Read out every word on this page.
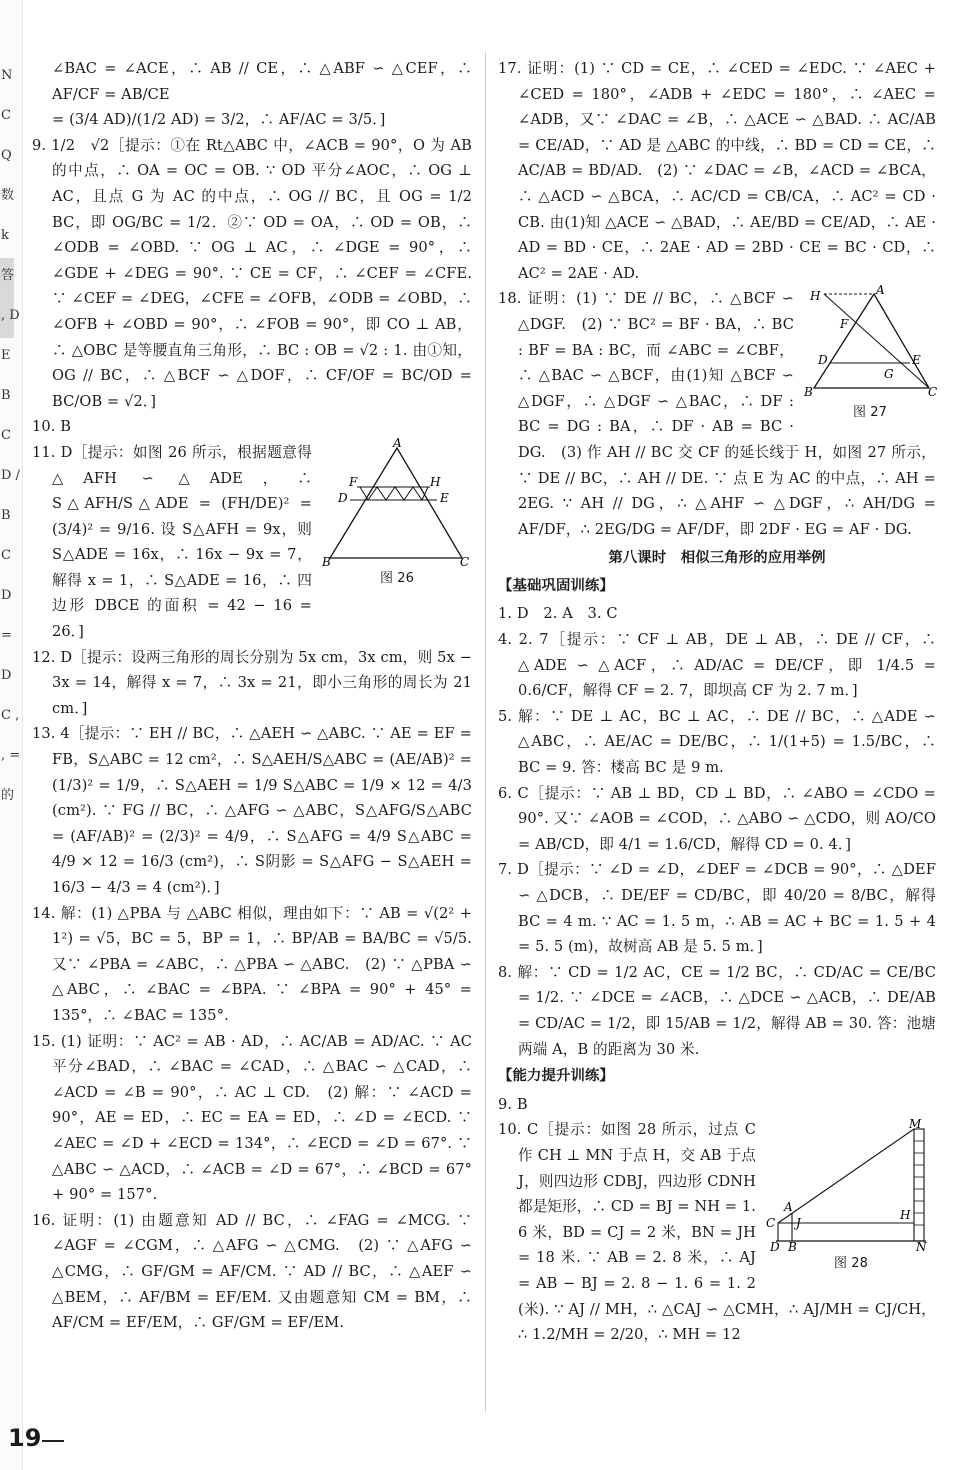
N C Q 数 k 答 , D E B C D / B C D = D C , , = 的

∠BAC = ∠ACE，∴ AB // CE，∴ △ABF ∽ △CEF，∴ AF/CF = AB/CE

= (3/4 AD)/(1/2 AD) = 3/2，∴ AF/AC = 3/5．]

9. 1/2　√2［提示：①在 Rt△ABC 中，∠ACB = 90°，O 为 AB 的中点，∴ OA = OC = OB. ∵ OD 平分∠AOC，∴ OG ⊥ AC，且点 G 为 AC 的中点，∴ OG // BC，且 OG = 1/2 BC，即 OG/BC = 1/2．②∵ OD = OA，∴ OD = OB，∴ ∠ODB = ∠OBD. ∵ OG ⊥ AC，∴ ∠DGE = 90°，∴ ∠GDE + ∠DEG = 90°. ∵ CE = CF，∴ ∠CEF = ∠CFE. ∵ ∠CEF = ∠DEG，∠CFE = ∠OFB，∠ODB = ∠OBD，∴ ∠OFB + ∠OBD = 90°，∴ ∠FOB = 90°，即 CO ⊥ AB，∴ △OBC 是等腰直角三角形，∴ BC : OB = √2 : 1. 由①知，OG // BC，∴ △BCF ∽ △DOF，∴ CF/OF = BC/OD = BC/OB = √2．]

10. B

A
F	H
D	E
B	C
图 26

11. D［提示：如图 26 所示，根据题意得 △AFH ∽ △ADE，∴ S△AFH/S△ADE = (FH/DE)² = (3/4)² = 9/16. 设 S△AFH = 9x，则 S△ADE = 16x，∴ 16x − 9x = 7，解得 x = 1，∴ S△ADE = 16，∴ 四边形 DBCE 的面积 = 42 − 16 = 26．]

12. D［提示：设两三角形的周长分别为 5x cm，3x cm，则 5x − 3x = 14，解得 x = 7，∴ 3x = 21，即小三角形的周长为 21 cm．]

13. 4［提示：∵ EH // BC，∴ △AEH ∽ △ABC. ∵ AE = EF = FB，S△ABC = 12 cm²，∴ S△AEH/S△ABC = (AE/AB)² = (1/3)² = 1/9，∴ S△AEH = 1/9 S△ABC = 1/9 × 12 = 4/3 (cm²). ∵ FG // BC，∴ △AFG ∽ △ABC，S△AFG/S△ABC = (AF/AB)² = (2/3)² = 4/9，∴ S△AFG = 4/9 S△ABC = 4/9 × 12 = 16/3 (cm²)，∴ S阴影 = S△AFG − S△AEH = 16/3 − 4/3 = 4 (cm²)．]

14. 解：(1) △PBA 与 △ABC 相似，理由如下：∵ AB = √(2² + 1²) = √5，BC = 5，BP = 1，∴ BP/AB = BA/BC = √5/5. 又∵ ∠PBA = ∠ABC，∴ △PBA ∽ △ABC.　(2) ∵ △PBA ∽ △ABC，∴ ∠BAC = ∠BPA. ∵ ∠BPA = 90° + 45° = 135°，∴ ∠BAC = 135°.

15. (1) 证明：∵ AC² = AB · AD，∴ AC/AB = AD/AC. ∵ AC 平分∠BAD，∴ ∠BAC = ∠CAD，∴ △BAC ∽ △CAD，∴ ∠ACD = ∠B = 90°，∴ AC ⊥ CD.　(2) 解：∵ ∠ACD = 90°，AE = ED，∴ EC = EA = ED，∴ ∠D = ∠ECD. ∵ ∠AEC = ∠D + ∠ECD = 134°，∴ ∠ECD = ∠D = 67°. ∵ △ABC ∽ △ACD，∴ ∠ACB = ∠D = 67°，∴ ∠BCD = 67° + 90° = 157°.

16. 证明：(1) 由题意知 AD // BC，∴ ∠FAG = ∠MCG. ∵ ∠AGF = ∠CGM，∴ △AFG ∽ △CMG.　(2) ∵ △AFG ∽ △CMG，∴ GF/GM = AF/CM. ∵ AD // BC，∴ △AEF ∽ △BEM，∴ AF/BM = EF/EM. 又由题意知 CM = BM，∴ AF/CM = EF/EM，∴ GF/GM = EF/EM.

17. 证明：(1) ∵ CD = CE，∴ ∠CED = ∠EDC. ∵ ∠AEC + ∠CED = 180°，∠ADB + ∠EDC = 180°，∴ ∠AEC = ∠ADB，又∵ ∠DAC = ∠B，∴ △ACE ∽ △BAD. ∴ AC/AB = CE/AD，∵ AD 是 △ABC 的中线，∴ BD = CD = CE，∴ AC/AB = BD/AD.　(2) ∵ ∠DAC = ∠B，∠ACD = ∠BCA，∴ △ACD ∽ △BCA，∴ AC/CD = CB/CA，∴ AC² = CD · CB. 由(1)知 △ACE ∽ △BAD，∴ AE/BD = CE/AD，∴ AE · AD = BD · CE，∴ 2AE · AD = 2BD · CE = BC · CD，∴ AC² = 2AE · AD.

H	A
F
D
G
E
B	C
图 27

18. 证明：(1) ∵ DE // BC，∴ △BCF ∽ △DGF.　(2) ∵ BC² = BF · BA，∴ BC : BF = BA : BC，而 ∠ABC = ∠CBF，∴ △BAC ∽ △BCF，由(1)知 △BCF ∽ △DGF，∴ △DGF ∽ △BAC，∴ DF : BC = DG : BA，∴ DF · AB = BC · DG.　(3) 作 AH // BC 交 CF 的延长线于 H，如图 27 所示，∵ DE // BC，∴ AH // DE. ∵ 点 E 为 AC 的中点，∴ AH = 2EG. ∵ AH // DG，∴ △AHF ∽ △DGF，∴ AH/DG = AF/DF，∴ 2EG/DG = AF/DF，即 2DF · EG = AF · DG.

第八课时　相似三角形的应用举例
【基础巩固训练】

1. D　2. A　3. C

4. 2. 7［提示：∵ CF ⊥ AB，DE ⊥ AB，∴ DE // CF，∴ △ADE ∽ △ACF，∴ AD/AC = DE/CF，即 1/4.5 = 0.6/CF，解得 CF = 2. 7，即坝高 CF 为 2. 7 m．]

5. 解：∵ DE ⊥ AC，BC ⊥ AC，∴ DE // BC，∴ △ADE ∽ △ABC，∴ AE/AC = DE/BC，∴ 1/(1+5) = 1.5/BC，∴ BC = 9. 答：楼高 BC 是 9 m.

6. C［提示：∵ AB ⊥ BD，CD ⊥ BD，∴ ∠ABO = ∠CDO = 90°. 又∵ ∠AOB = ∠COD，∴ △ABO ∽ △CDO，则 AO/CO = AB/CD，即 4/1 = 1.6/CD，解得 CD = 0. 4．]

7. D［提示：∵ ∠D = ∠D，∠DEF = ∠DCB = 90°，∴ △DEF ∽ △DCB，∴ DE/EF = CD/BC，即 40/20 = 8/BC，解得 BC = 4 m. ∵ AC = 1. 5 m，∴ AB = AC + BC = 1. 5 + 4 = 5. 5 (m)，故树高 AB 是 5. 5 m．]

8. 解：∵ CD = 1/2 AC，CE = 1/2 BC，∴ CD/AC = CE/BC = 1/2. ∵ ∠DCE = ∠ACB，∴ △DCE ∽ △ACB，∴ DE/AB = CD/AC = 1/2，即 15/AB = 1/2，解得 AB = 30. 答：池塘两端 A，B 的距离为 30 米.

【能力提升训练】

9. B

M
A
J
H
C
D B	N
图 28

10. C［提示：如图 28 所示，过点 C 作 CH ⊥ MN 于点 H，交 AB 于点 J，则四边形 CDBJ，四边形 CDNH 都是矩形，∴ CD = BJ = NH = 1. 6 米，BD = CJ = 2 米，BN = JH = 18 米. ∵ AB = 2. 8 米，∴ AJ = AB − BJ = 2. 8 − 1. 6 = 1. 2 (米). ∵ AJ // MH，∴ △CAJ ∽ △CMH，∴ AJ/MH = CJ/CH，∴ 1.2/MH = 2/20，∴ MH = 12

19
